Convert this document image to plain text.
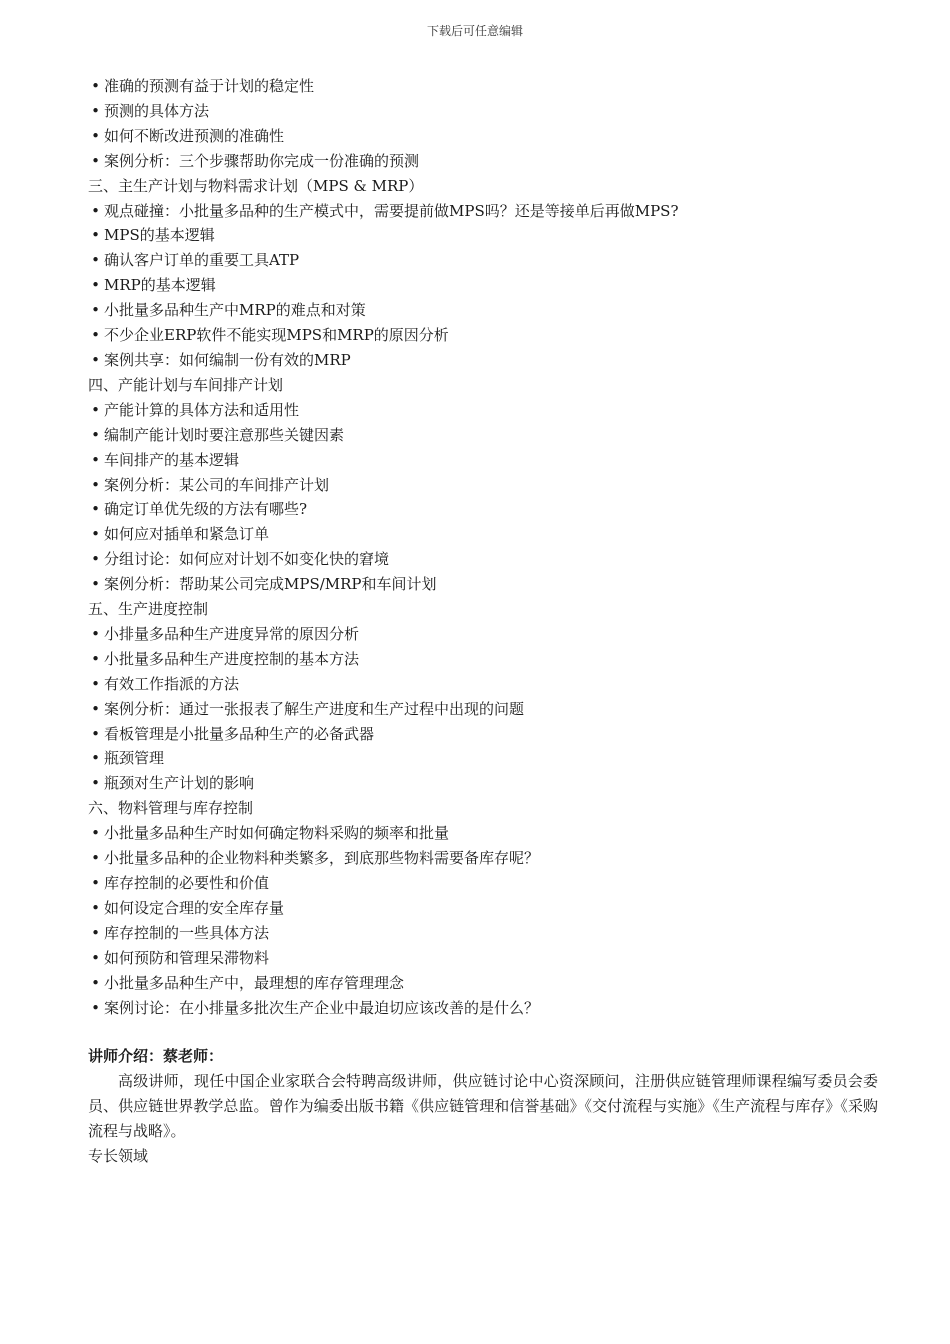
下载后可任意编辑
• 准确的预测有益于计划的稳定性
• 预测的具体方法
• 如何不断改进预测的准确性
• 案例分析：三个步骤帮助你完成一份准确的预测
三、主生产计划与物料需求计划（MPS & MRP）
• 观点碰撞：小批量多品种的生产模式中，需要提前做MPS吗？还是等接单后再做MPS?
• MPS的基本逻辑
• 确认客户订单的重要工具ATP
• MRP的基本逻辑
• 小批量多品种生产中MRP的难点和对策
• 不少企业ERP软件不能实现MPS和MRP的原因分析
• 案例共享：如何编制一份有效的MRP
四、产能计划与车间排产计划
• 产能计算的具体方法和适用性
• 编制产能计划时要注意那些关键因素
• 车间排产的基本逻辑
• 案例分析：某公司的车间排产计划
• 确定订单优先级的方法有哪些?
• 如何应对插单和紧急订单
• 分组讨论：如何应对计划不如变化快的窘境
• 案例分析：帮助某公司完成MPS/MRP和车间计划
五、生产进度控制
• 小排量多品种生产进度异常的原因分析
• 小批量多品种生产进度控制的基本方法
• 有效工作指派的方法
• 案例分析：通过一张报表了解生产进度和生产过程中出现的问题
• 看板管理是小批量多品种生产的必备武器
• 瓶颈管理
• 瓶颈对生产计划的影响
六、物料管理与库存控制
• 小批量多品种生产时如何确定物料采购的频率和批量
• 小批量多品种的企业物料种类繁多，到底那些物料需要备库存呢？
• 库存控制的必要性和价值
• 如何设定合理的安全库存量
• 库存控制的一些具体方法
• 如何预防和管理呆滞物料
• 小批量多品种生产中，最理想的库存管理理念
• 案例讨论：在小排量多批次生产企业中最迫切应该改善的是什么？
讲师介绍：蔡老师：
高级讲师，现任中国企业家联合会特聘高级讲师，供应链讨论中心资深顾问，注册供应链管理师课程编写委员会委员、供应链世界教学总监。曾作为编委出版书籍《供应链管理和信誉基础》《交付流程与实施》《生产流程与库存》《采购流程与战略》。
专长领域
